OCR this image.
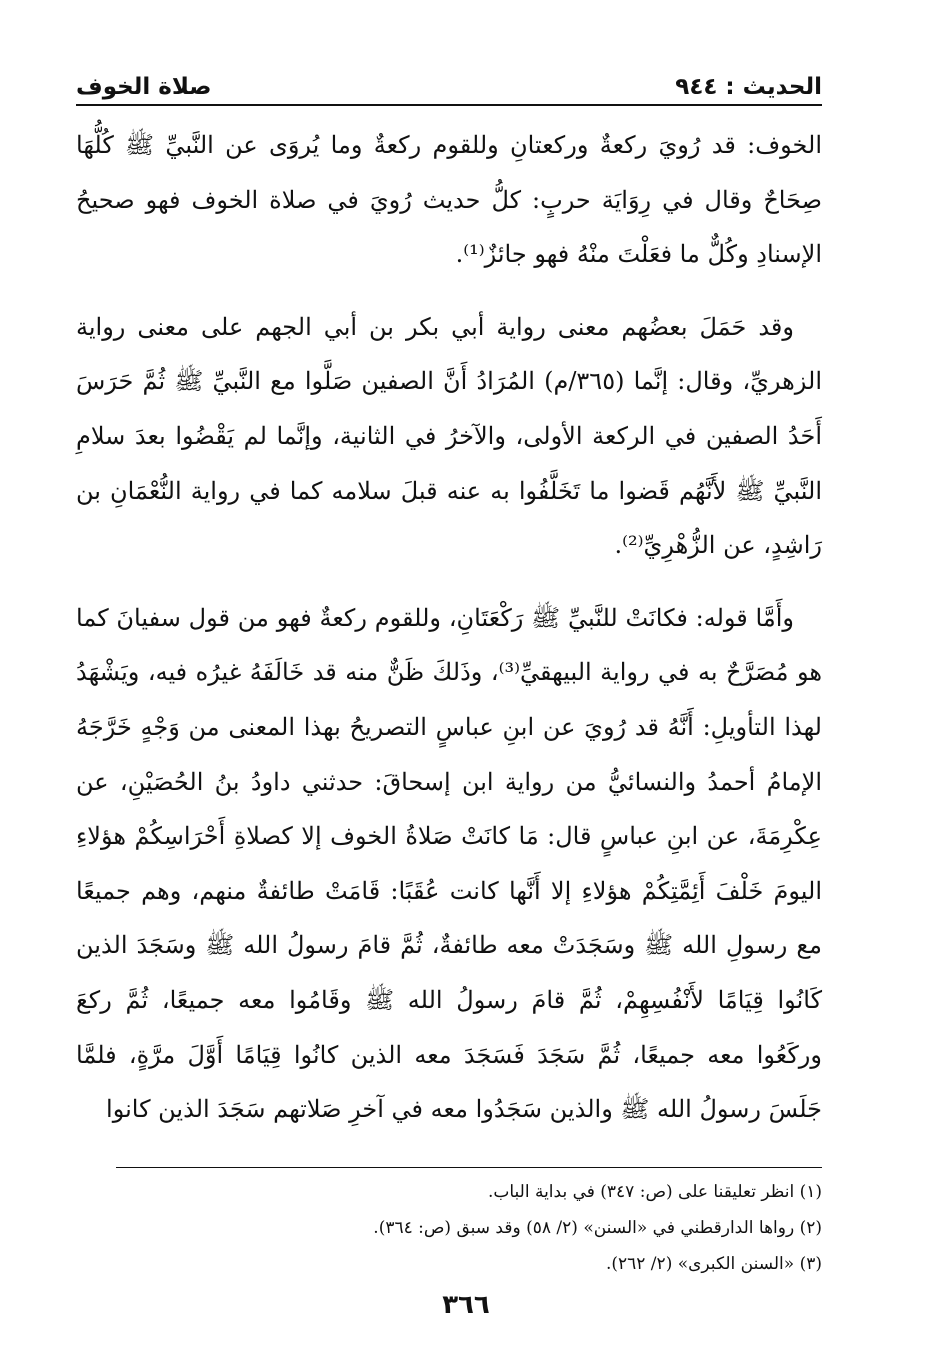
الحديث : ٩٤٤
صلاة الخوف

الخوف: قد رُويَ ركعةٌ وركعتانِ وللقوم ركعةٌ وما يُروَى عن النَّبيِّ ﷺ كُلُّهَا صِحَاحٌ وقال في رِوَايَة حربٍ: كلُّ حديث رُويَ في صلاة الخوف فهو صحيحُ الإسنادِ وكُلٌّ ما فعَلْتَ منْهُ فهو جائزٌ⁽¹⁾.

وقد حَمَلَ بعضُهم معنى رواية أبي بكر بن أبي الجهم على معنى رواية الزهريِّ، وقال: إنَّما (٣٦٥/م) المُرَادُ أَنَّ الصفين صَلَّوا مع النَّبيِّ ﷺ ثُمَّ حَرَسَ أَحَدُ الصفين في الركعة الأولى، والآخرُ في الثانية، وإنَّما لم يَقْضُوا بعدَ سلامِ النَّبيِّ ﷺ لأَنَّهُم قَضوا ما تَخَلَّفُوا به عنه قبلَ سلامه كما في رواية النُّعْمَانِ بن رَاشِدٍ، عن الزُّهْرِيِّ⁽²⁾.

وأَمَّا قوله: فكانَتْ للنَّبيِّ ﷺ رَكْعَتَانِ، وللقوم ركعةٌ فهو من قول سفيانَ كما هو مُصَرَّحٌ به في رواية البيهقيِّ⁽³⁾، وذَلكَ ظَنٌّ منه قد خَالَفَهُ غيرُه فيه، ويَشْهَدُ لهذا التأويلِ: أَنَّهُ قد رُويَ عن ابنِ عباسٍ التصريحُ بهذا المعنى من وَجْهٍ خَرَّجَهُ الإمامُ أحمدُ والنسائيُّ من رواية ابن إسحاقَ: حدثني داودُ بنُ الحُصَيْنِ، عن عِكْرِمَةَ، عن ابنِ عباسٍ قال: مَا كانَتْ صَلاةُ الخوف إلا كصلاةِ أَحْرَاسِكُمْ هؤلاءِ اليومَ خَلْفَ أَئِمَّتِكُمْ هؤلاءِ إلا أَنَّها كانت عُقَبًا: قَامَتْ طائفةٌ منهم، وهم جميعًا مع رسولِ الله ﷺ وسَجَدَتْ معه طائفةٌ، ثُمَّ قامَ رسولُ الله ﷺ وسَجَدَ الذين كَانُوا قِيَامًا لأَنْفُسِهِمْ، ثُمَّ قامَ رسولُ الله ﷺ وقَامُوا معه جميعًا، ثُمَّ ركعَ وركَعُوا معه جميعًا، ثُمَّ سَجَدَ فَسَجَدَ معه الذين كانُوا قِيَامًا أَوَّلَ مرَّةٍ، فلمَّا جَلَسَ رسولُ الله ﷺ والذين سَجَدُوا معه في آخرِ صَلاتهم سَجَدَ الذين كانوا

(١) انظر تعليقنا على (ص: ٣٤٧) في بداية الباب.

(٢) رواها الدارقطني في «السنن» (٢/ ٥٨) وقد سبق (ص: ٣٦٤).

(٣) «السنن الكبرى» (٢/ ٢٦٢).

٣٦٦
